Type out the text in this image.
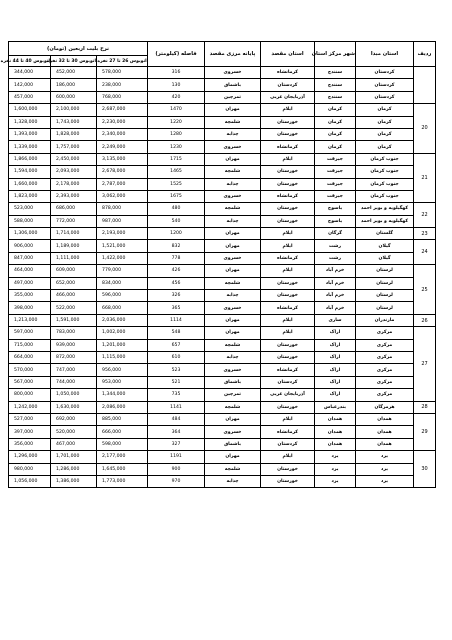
ردیف	استان مبدا	شهر مرکز استان	استان مقصد	پایانه مرزی مقصد	فاصله (کیلومتر)	نرخ بلیت اربعین (تومان)		
						اتوبوس 26 تا 27 نفره	اتوبوس 30 تا 32 نفره	اتوبوس 40 تا 44 نفره
	کردستان	سنندج	کرمانشاه	خسروی	316	578,000	452,000	344,000
	کردستان	سنندج	کردستان	باشماق	130	238,000	186,000	142,000
	کردستان	سنندج	آذربایجان غربی	تمرچین	420	768,000	600,000	457,000
20	کرمان	کرمان	ایلام	مهران	1470	2,687,000	2,100,000	1,600,000
	کرمان	کرمان	خوزستان	شلمچه	1220	2,230,000	1,743,000	1,328,000
	کرمان	کرمان	خوزستان	چذابه	1280	2,340,000	1,828,000	1,393,000
	کرمان	کرمان	کرمانشاه	خسروی	1230	2,249,000	1,757,000	1,339,000
21	جنوب کرمان	جیرفت	ایلام	مهران	1715	3,135,000	2,450,000	1,866,000
	جنوب کرمان	جیرفت	خوزستان	شلمچه	1465	2,678,000	2,093,000	1,594,000
	جنوب کرمان	جیرفت	خوزستان	چذابه	1525	2,787,000	2,178,000	1,660,000
	جنوب کرمان	جیرفت	کرمانشاه	خسروی	1675	3,062,000	2,393,000	1,823,000
22	کهگیلویه و بویر احمد	یاسوج	خوزستان	شلمچه	480	878,000	686,000	523,000
	کهگیلویه و بویر احمد	یاسوج	خوزستان	چذابه	540	987,000	772,000	588,000
23	گلستان	گرگان	ایلام	مهران	1200	2,193,000	1,714,000	1,306,000
24	گیلان	رشت	ایلام	مهران	832	1,521,000	1,189,000	906,000
	گیلان	رشت	کرمانشاه	خسروی	778	1,422,000	1,111,000	847,000
25	لرستان	خرم آباد	ایلام	مهران	426	779,000	609,000	464,000
	لرستان	خرم آباد	خوزستان	شلمچه	456	834,000	652,000	497,000
	لرستان	خرم آباد	خوزستان	چذابه	326	596,000	466,000	355,000
	لرستان	خرم آباد	کرمانشاه	خسروی	365	668,000	522,000	398,000
26	مازندران	ساری	ایلام	مهران	1114	2,036,000	1,591,000	1,213,000
27	مرکزی	اراک	ایلام	مهران	548	1,002,000	783,000	597,000
	مرکزی	اراک	خوزستان	شلمچه	657	1,201,000	939,000	715,000
	مرکزی	اراک	خوزستان	چذابه	610	1,115,000	872,000	664,000
	مرکزی	اراک	کرمانشاه	خسروی	523	956,000	747,000	570,000
	مرکزی	اراک	کردستان	باشماق	521	953,000	744,000	567,000
	مرکزی	اراک	آذربایجان غربی	تمرچین	735	1,344,000	1,050,000	800,000
28	هرمزگان	بندرعباس	خوزستان	شلمچه	1141	2,086,000	1,630,000	1,242,000
29	همدان	همدان	ایلام	مهران	484	885,000	692,000	527,000
	همدان	همدان	کرمانشاه	خسروی	364	666,000	520,000	397,000
	همدان	همدان	کردستان	باشماق	327	598,000	467,000	356,000
30	یزد	یزد	ایلام	مهران	1191	2,177,000	1,701,000	1,296,000
	یزد	یزد	خوزستان	شلمچه	900	1,645,000	1,286,000	980,000
	یزد	یزد	خوزستان	چذابه	970	1,773,000	1,386,000	1,056,000
